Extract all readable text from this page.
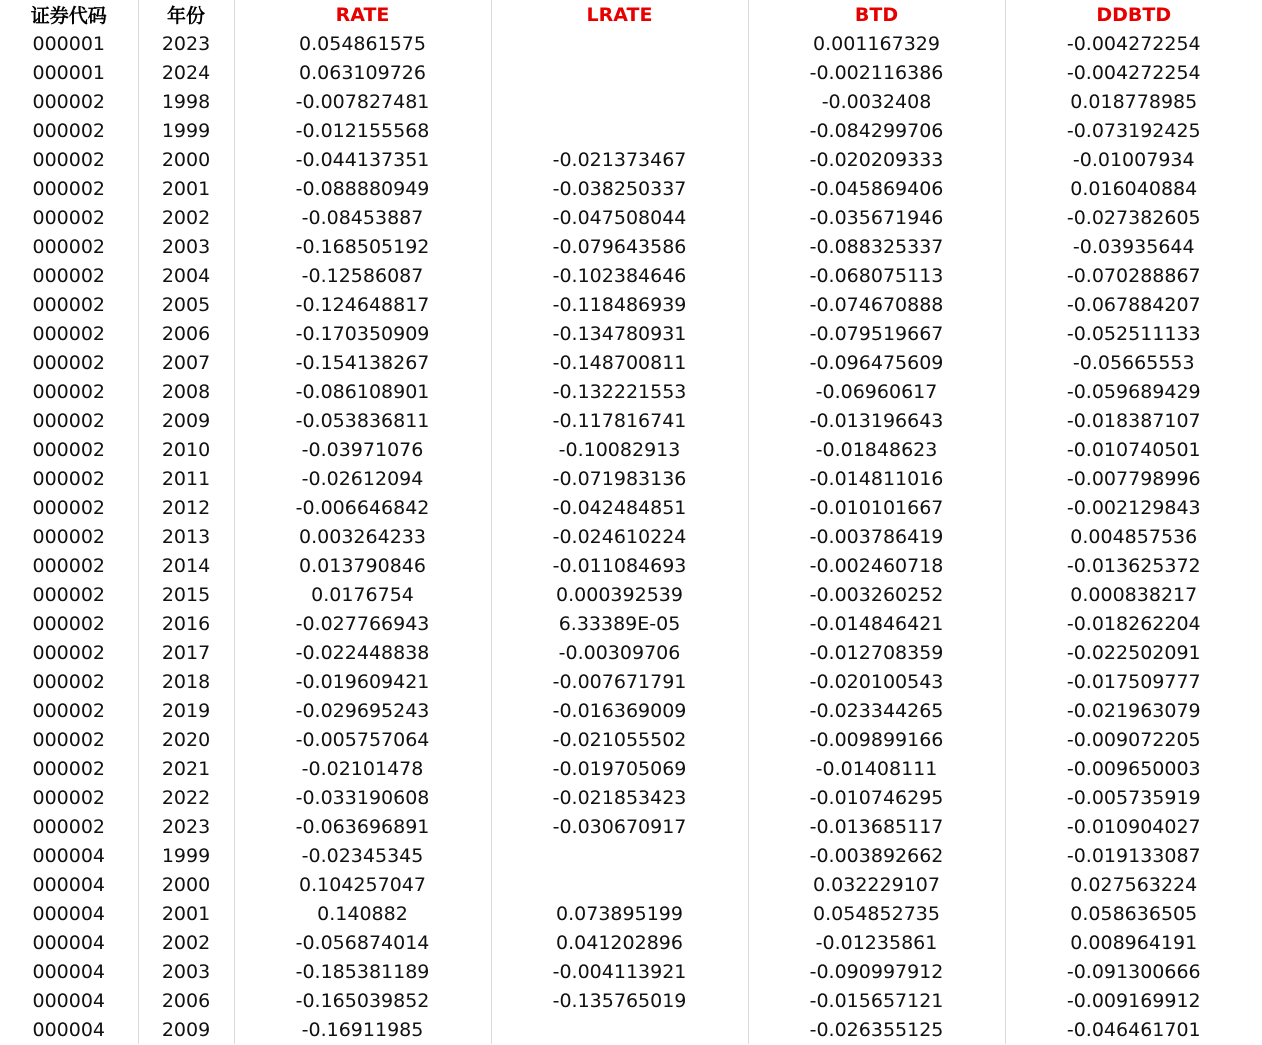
证券代码	年份	RATE	LRATE	BTD	DDBTD
000001	2023	0.054861575		0.001167329	-0.004272254
000001	2024	0.063109726		-0.002116386	-0.004272254
000002	1998	-0.007827481		-0.0032408	0.018778985
000002	1999	-0.012155568		-0.084299706	-0.073192425
000002	2000	-0.044137351	-0.021373467	-0.020209333	-0.01007934
000002	2001	-0.088880949	-0.038250337	-0.045869406	0.016040884
000002	2002	-0.08453887	-0.047508044	-0.035671946	-0.027382605
000002	2003	-0.168505192	-0.079643586	-0.088325337	-0.03935644
000002	2004	-0.12586087	-0.102384646	-0.068075113	-0.070288867
000002	2005	-0.124648817	-0.118486939	-0.074670888	-0.067884207
000002	2006	-0.170350909	-0.134780931	-0.079519667	-0.052511133
000002	2007	-0.154138267	-0.148700811	-0.096475609	-0.05665553
000002	2008	-0.086108901	-0.132221553	-0.06960617	-0.059689429
000002	2009	-0.053836811	-0.117816741	-0.013196643	-0.018387107
000002	2010	-0.03971076	-0.10082913	-0.01848623	-0.010740501
000002	2011	-0.02612094	-0.071983136	-0.014811016	-0.007798996
000002	2012	-0.006646842	-0.042484851	-0.010101667	-0.002129843
000002	2013	0.003264233	-0.024610224	-0.003786419	0.004857536
000002	2014	0.013790846	-0.011084693	-0.002460718	-0.013625372
000002	2015	0.0176754	0.000392539	-0.003260252	0.000838217
000002	2016	-0.027766943	6.33389E-05	-0.014846421	-0.018262204
000002	2017	-0.022448838	-0.00309706	-0.012708359	-0.022502091
000002	2018	-0.019609421	-0.007671791	-0.020100543	-0.017509777
000002	2019	-0.029695243	-0.016369009	-0.023344265	-0.021963079
000002	2020	-0.005757064	-0.021055502	-0.009899166	-0.009072205
000002	2021	-0.02101478	-0.019705069	-0.01408111	-0.009650003
000002	2022	-0.033190608	-0.021853423	-0.010746295	-0.005735919
000002	2023	-0.063696891	-0.030670917	-0.013685117	-0.010904027
000004	1999	-0.02345345		-0.003892662	-0.019133087
000004	2000	0.104257047		0.032229107	0.027563224
000004	2001	0.140882	0.073895199	0.054852735	0.058636505
000004	2002	-0.056874014	0.041202896	-0.01235861	0.008964191
000004	2003	-0.185381189	-0.004113921	-0.090997912	-0.091300666
000004	2006	-0.165039852	-0.135765019	-0.015657121	-0.009169912
000004	2009	-0.16911985		-0.026355125	-0.046461701
